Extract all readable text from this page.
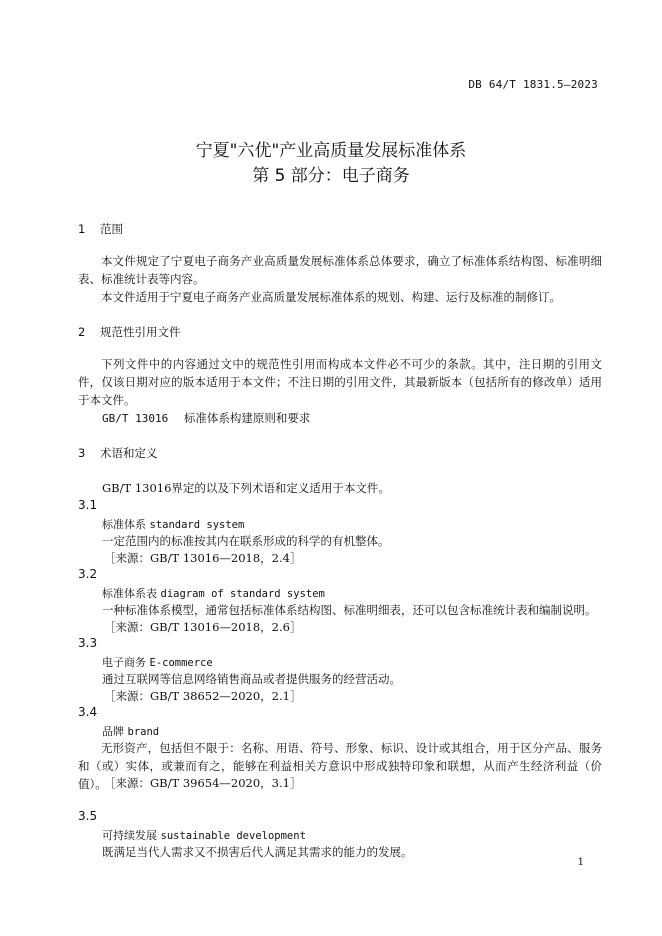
DB 64/T 1831.5—2023
宁夏"六优"产业高质量发展标准体系
第 5 部分：电子商务
1 范围

本文件规定了宁夏电子商务产业高质量发展标准体系总体要求，确立了标准体系结构图、标准明细表、标准统计表等内容。

本文件适用于宁夏电子商务产业高质量发展标准体系的规划、构建、运行及标准的制修订。

2 规范性引用文件

下列文件中的内容通过文中的规范性引用而构成本文件必不可少的条款。其中，注日期的引用文件，仅该日期对应的版本适用于本文件；不注日期的引用文件，其最新版本（包括所有的修改单）适用于本文件。

GB/T 13016 标准体系构建原则和要求
3 术语和定义
GB/T 13016界定的以及下列术语和定义适用于本文件。
3.1
标准体系 standard system
一定范围内的标准按其内在联系形成的科学的有机整体。
［来源：GB/T 13016—2018，2.4］
3.2
标准体系表 diagram of standard system
一种标准体系模型，通常包括标准体系结构图、标准明细表，还可以包含标准统计表和编制说明。
［来源：GB/T 13016—2018，2.6］
3.3
电子商务 E-commerce
通过互联网等信息网络销售商品或者提供服务的经营活动。
［来源：GB/T 38652—2020，2.1］
3.4
品牌 brand

无形资产，包括但不限于：名称、用语、符号、形象、标识、设计或其组合，用于区分产品、服务和（或）实体，或兼而有之，能够在利益相关方意识中形成独特印象和联想，从而产生经济利益（价值）。

［来源：GB/T 39654—2020，3.1］
3.5
可持续发展 sustainable development
既满足当代人需求又不损害后代人满足其需求的能力的发展。
1
